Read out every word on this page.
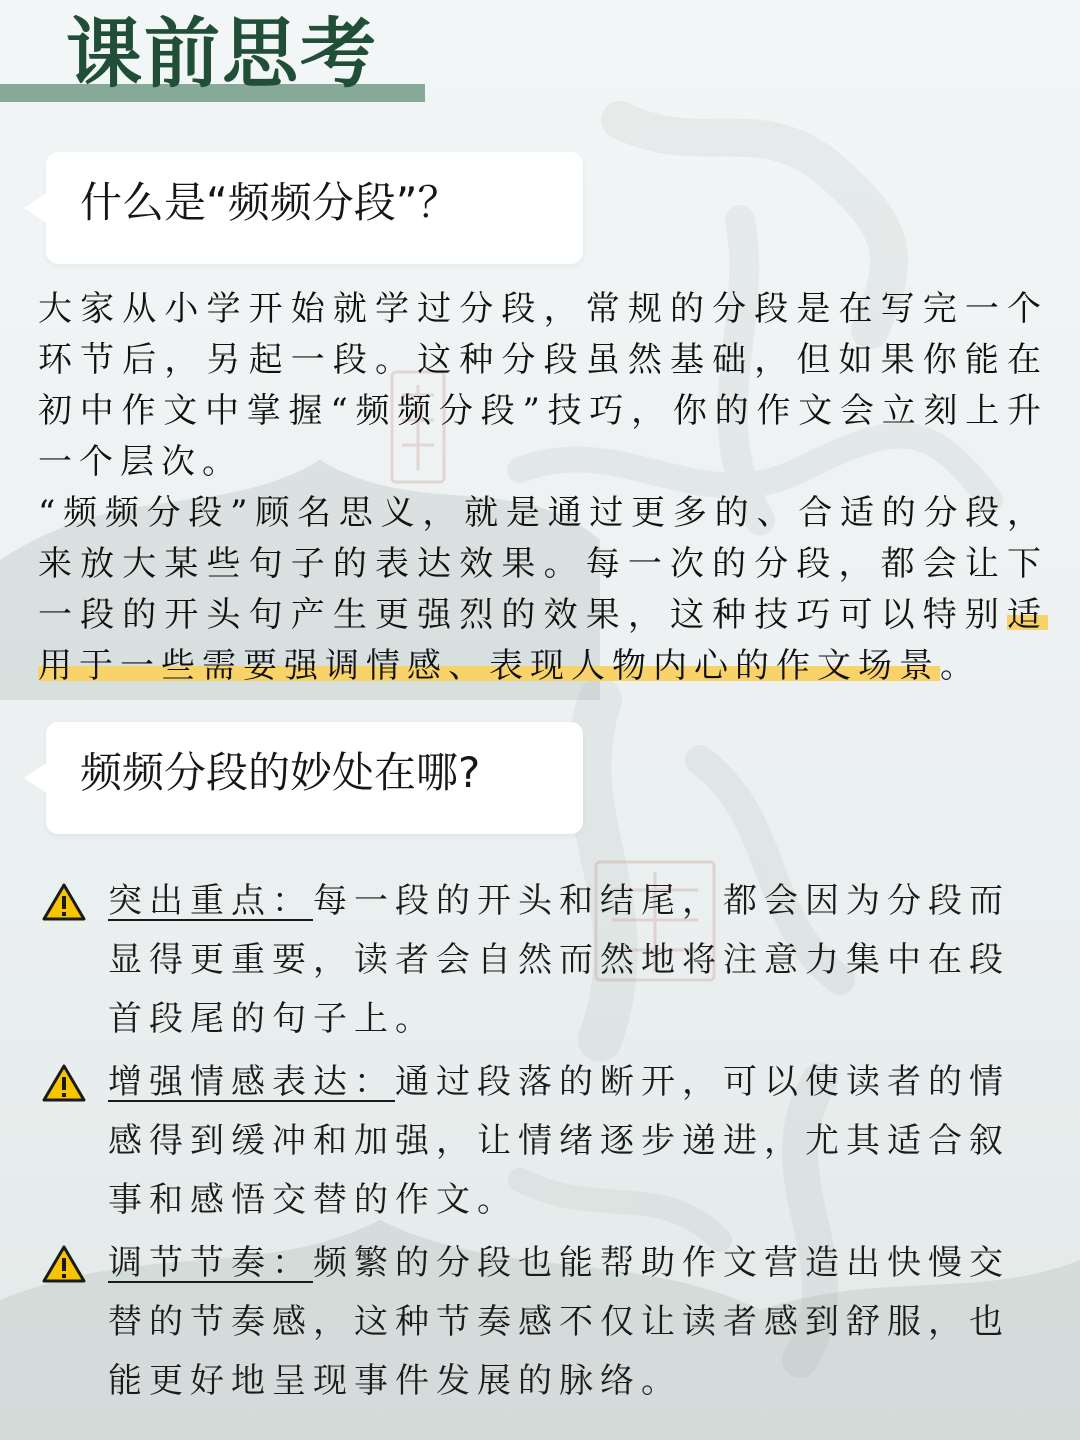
课前思考
什么是“频频分段”？

大家从小学开始就学过分段，常规的分段是在写完一个环节后，另起一段。这种分段虽然基础，但如果你能在初中作文中掌握“频频分段”技巧，你的作文会立刻上升一个层次。

“频频分段”顾名思义，就是通过更多的、合适的分段，来放大某些句子的表达效果。每一次的分段，都会让下一段的开头句产生更强烈的效果，这种技巧可以特别适用于一些需要强调情感、表现人物内心的作文场景。

频频分段的妙处在哪?
突出重点：每一段的开头和结尾，都会因为分段而显得更重要，读者会自然而然地将注意力集中在段首段尾的句子上。
增强情感表达：通过段落的断开，可以使读者的情感得到缓冲和加强，让情绪逐步递进，尤其适合叙事和感悟交替的作文。
调节节奏：频繁的分段也能帮助作文营造出快慢交替的节奏感，这种节奏感不仅让读者感到舒服，也能更好地呈现事件发展的脉络。
